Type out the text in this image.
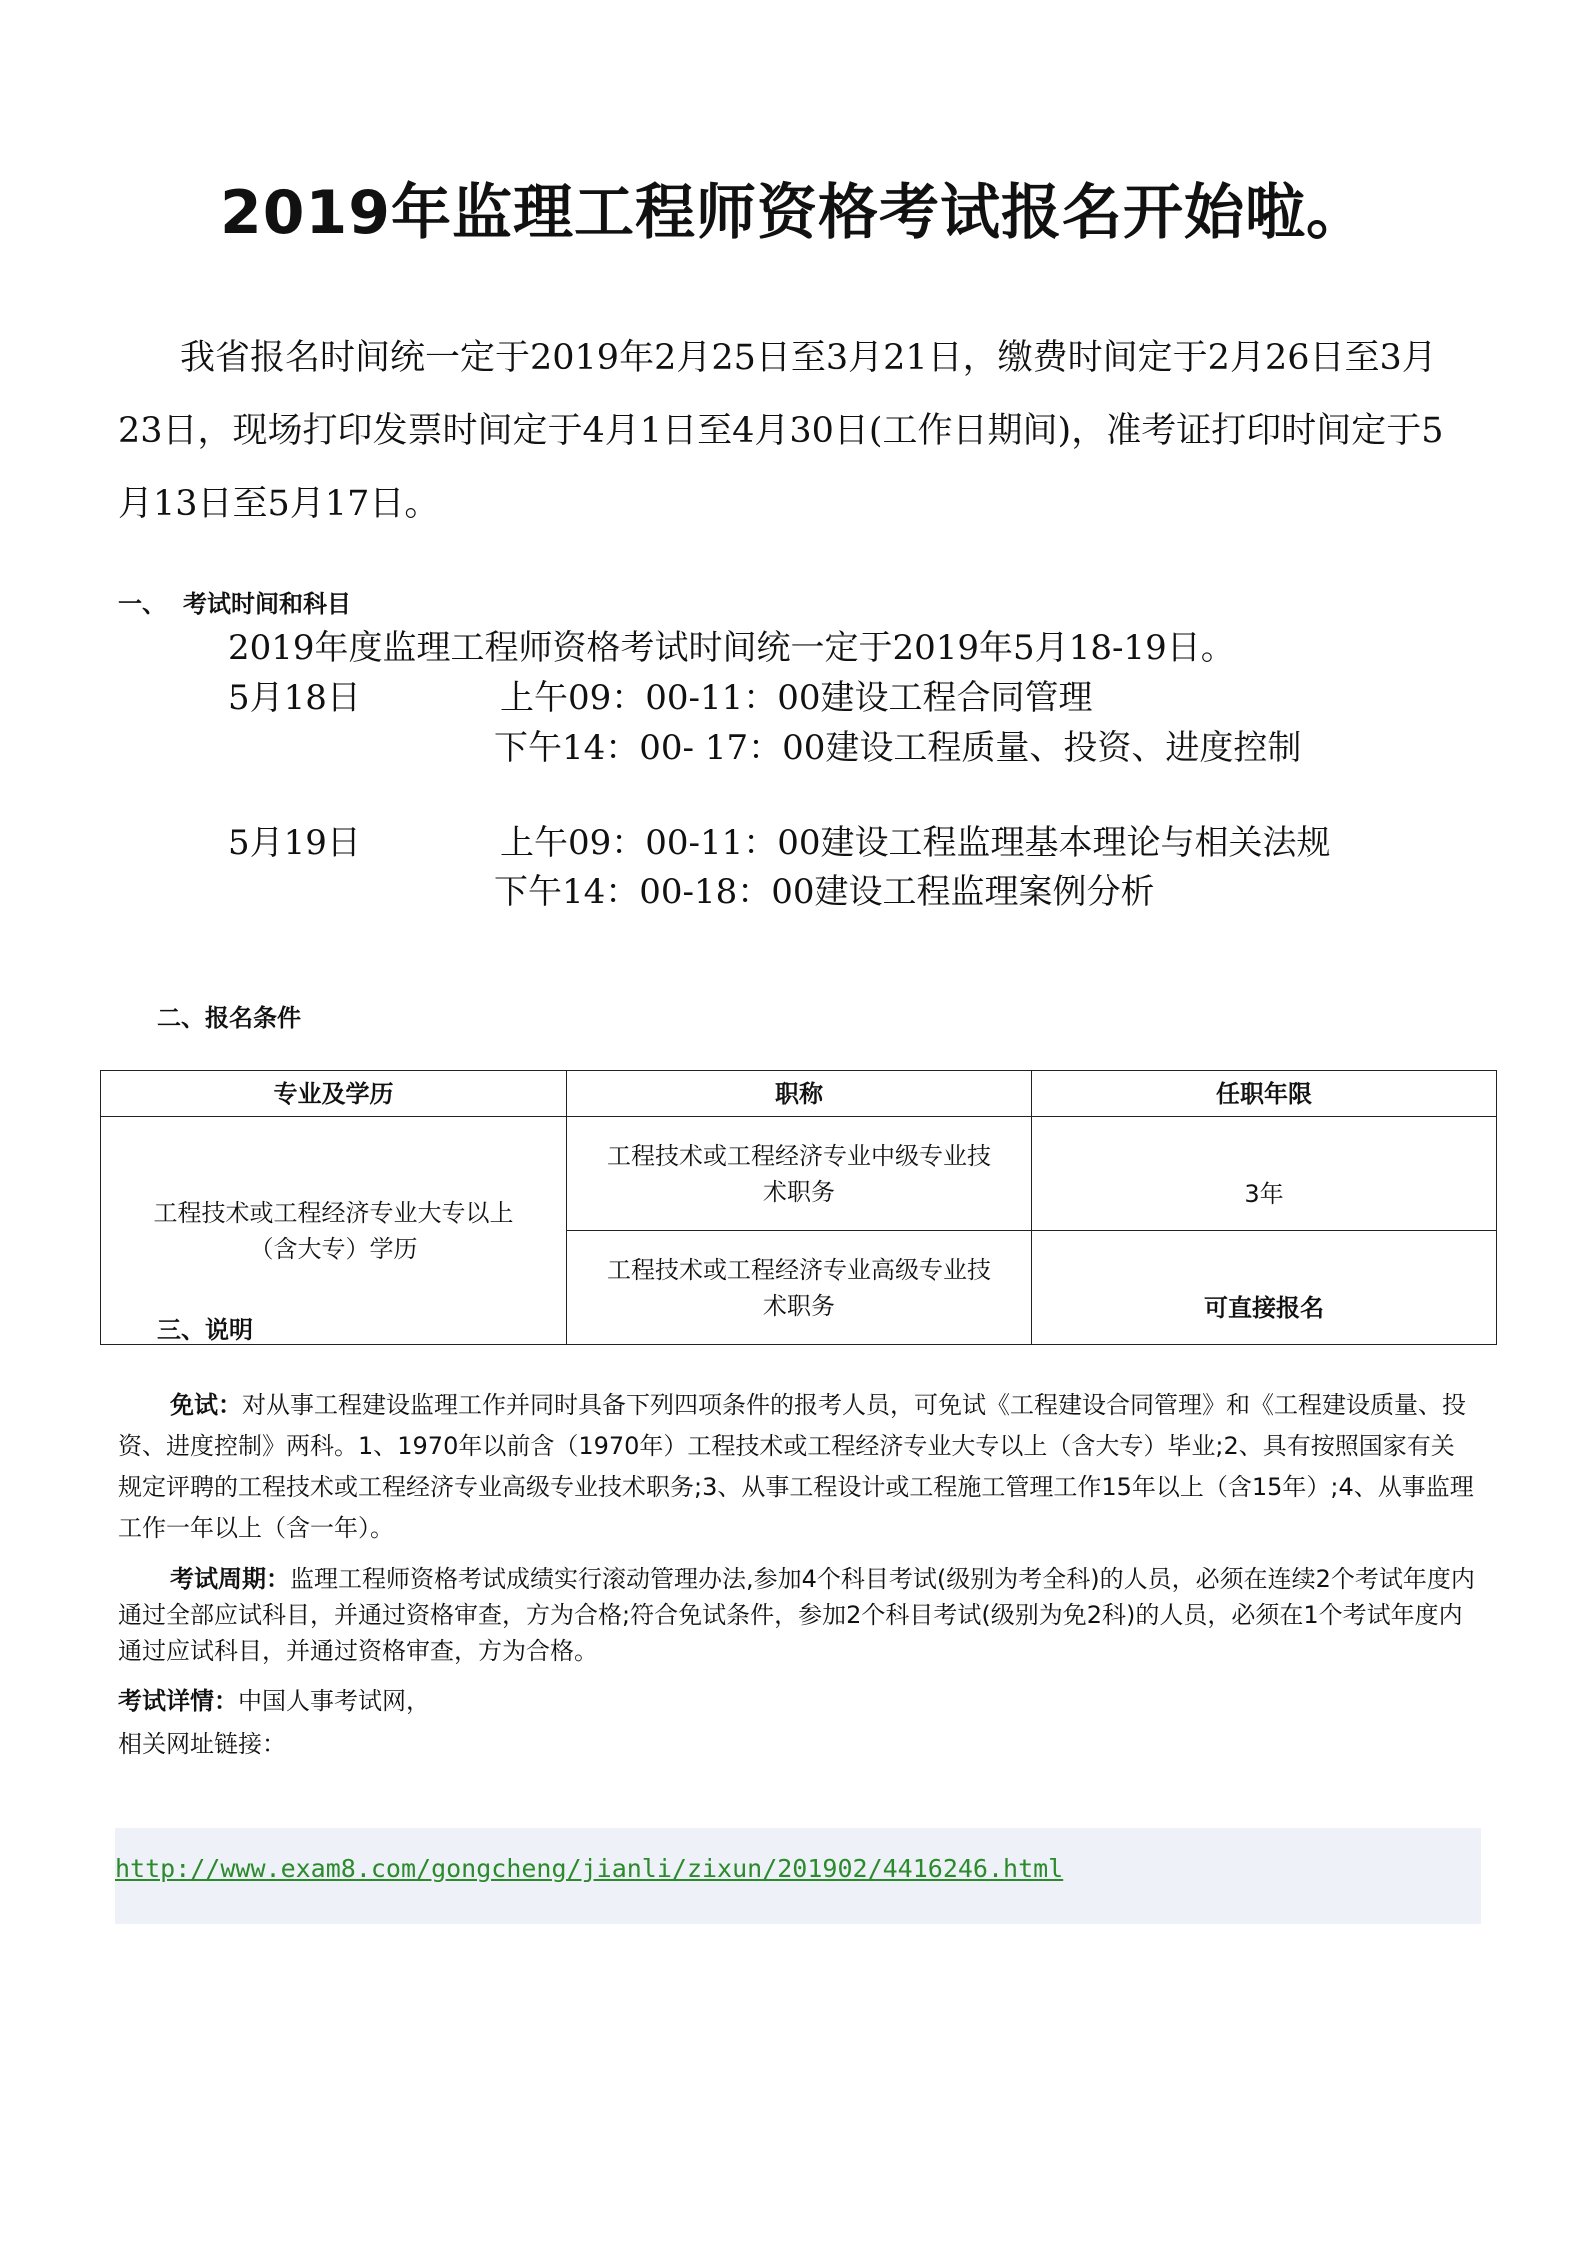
2019年监理工程师资格考试报名开始啦。

我省报名时间统一定于2019年2月25日至3月21日，缴费时间定于2月26日至3月23日，现场打印发票时间定于4月1日至4月30日(工作日期间)，准考证打印时间定于5月13日至5月17日。

一、 考试时间和科目
2019年度监理工程师资格考试时间统一定于2019年5月18-19日。
5月18日	上午09：00-11：00建设工程合同管理
下午14：00- 17：00建设工程质量、投资、进度控制
5月19日	上午09：00-11：00建设工程监理基本理论与相关法规
下午14：00-18：00建设工程监理案例分析
二、报名条件
专业及学历	职称	任职年限
工程技术或工程经济专业大专以上（含大专）学历	工程技术或工程经济专业中级专业技术职务	3年
	工程技术或工程经济专业高级专业技术职务	可直接报名
三、说明

免试：对从事工程建设监理工作并同时具备下列四项条件的报考人员，可免试《工程建设合同管理》和《工程建设质量、投资、进度控制》两科。1、1970年以前含（1970年）工程技术或工程经济专业大专以上（含大专）毕业;2、具有按照国家有关规定评聘的工程技术或工程经济专业高级专业技术职务;3、从事工程设计或工程施工管理工作15年以上（含15年）;4、从事监理工作一年以上（含一年）。

考试周期：监理工程师资格考试成绩实行滚动管理办法,参加4个科目考试(级别为考全科)的人员，必须在连续2个考试年度内通过全部应试科目，并通过资格审查，方为合格;符合免试条件，参加2个科目考试(级别为免2科)的人员，必须在1个考试年度内通过应试科目，并通过资格审查，方为合格。

考试详情：中国人事考试网，

相关网址链接：

http://www.exam8.com/gongcheng/jianli/zixun/201902/4416246.html
